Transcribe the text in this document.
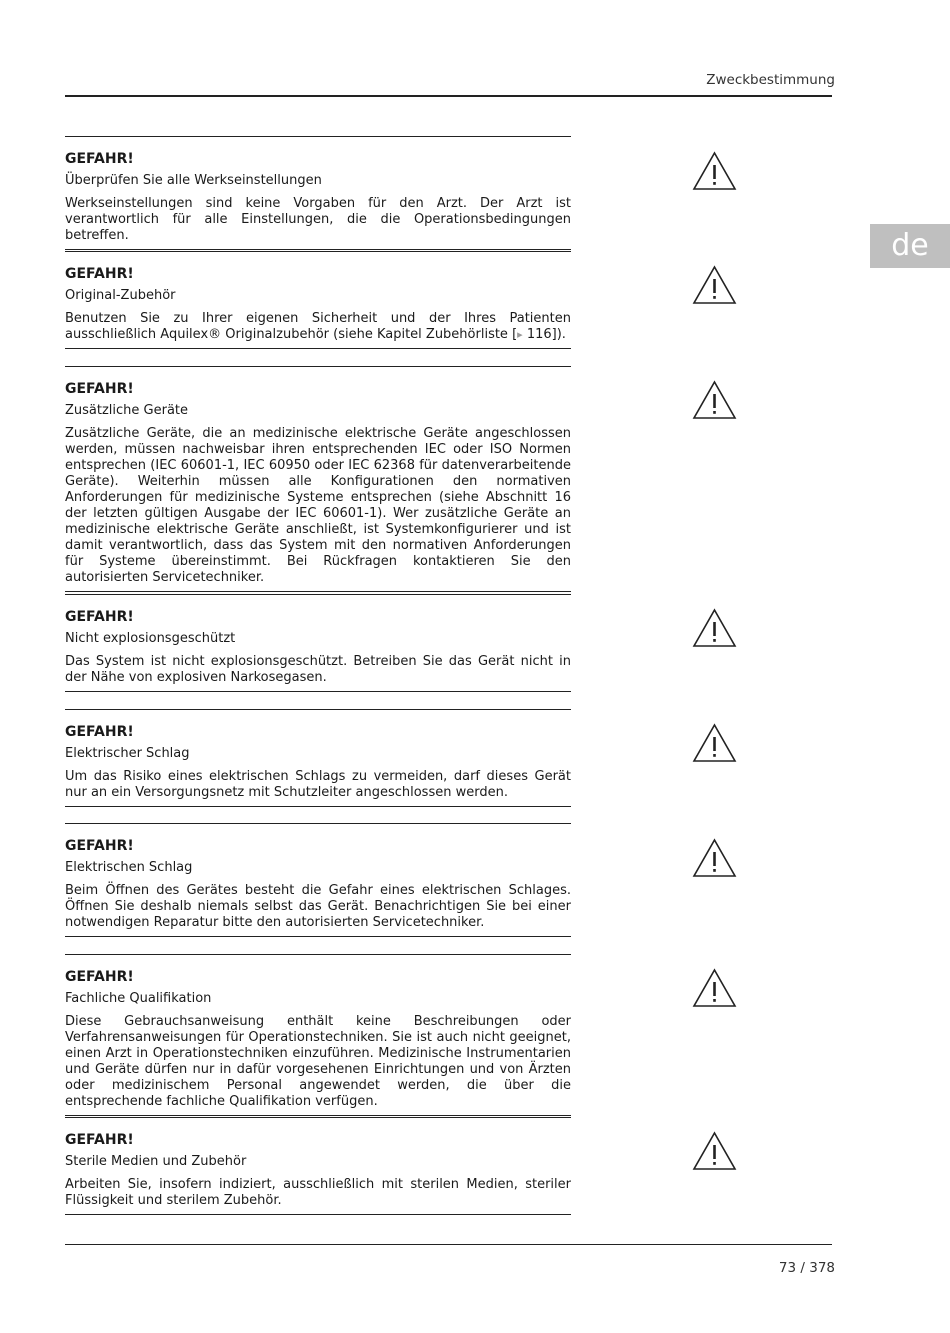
Zweckbestimmung
de
GEFAHR!
Überprüfen Sie alle Werkseinstellungen
Werkseinstellungen sind keine Vorgaben für den Arzt. Der Arzt ist verantwortlich für alle Einstellungen, die die Operationsbedingungen betreffen.
GEFAHR!
Original-Zubehör
Benutzen Sie zu Ihrer eigenen Sicherheit und der Ihres Patienten ausschließlich Aquilex® Originalzubehör (siehe Kapitel Zubehörliste [▸ 116]).
GEFAHR!
Zusätzliche Geräte
Zusätzliche Geräte, die an medizinische elektrische Geräte angeschlossen werden, müssen nachweisbar ihren entsprechenden IEC oder ISO Normen entsprechen (IEC 60601-1, IEC 60950 oder IEC 62368 für datenverarbeitende Geräte). Weiterhin müssen alle Konfigurationen den normativen Anforderungen für medizinische Systeme entsprechen (siehe Abschnitt 16 der letzten gültigen Ausgabe der IEC 60601-1). Wer zusätzliche Geräte an medizinische elektrische Geräte anschließt, ist Systemkonfigurierer und ist damit verantwortlich, dass das System mit den normativen Anforderungen für Systeme übereinstimmt. Bei Rückfragen kontaktieren Sie den autorisierten Servicetechniker.
GEFAHR!
Nicht explosionsgeschützt
Das System ist nicht explosionsgeschützt. Betreiben Sie das Gerät nicht in der Nähe von explosiven Narkosegasen.
GEFAHR!
Elektrischer Schlag
Um das Risiko eines elektrischen Schlags zu vermeiden, darf dieses Gerät nur an ein Versorgungsnetz mit Schutzleiter angeschlossen werden.
GEFAHR!
Elektrischen Schlag
Beim Öffnen des Gerätes besteht die Gefahr eines elektrischen Schlages. Öffnen Sie deshalb niemals selbst das Gerät. Benachrichtigen Sie bei einer notwendigen Reparatur bitte den autorisierten Servicetechniker.
GEFAHR!
Fachliche Qualifikation
Diese Gebrauchsanweisung enthält keine Beschreibungen oder Verfahrensanweisungen für Operationstechniken. Sie ist auch nicht geeignet, einen Arzt in Operationstechniken einzuführen. Medizinische Instrumentarien und Geräte dürfen nur in dafür vorgesehenen Einrichtungen und von Ärzten oder medizinischem Personal angewendet werden, die über die entsprechende fachliche Qualifikation verfügen.
GEFAHR!
Sterile Medien und Zubehör
Arbeiten Sie, insofern indiziert, ausschließlich mit sterilen Medien, steriler Flüssigkeit und sterilem Zubehör.
73 / 378
